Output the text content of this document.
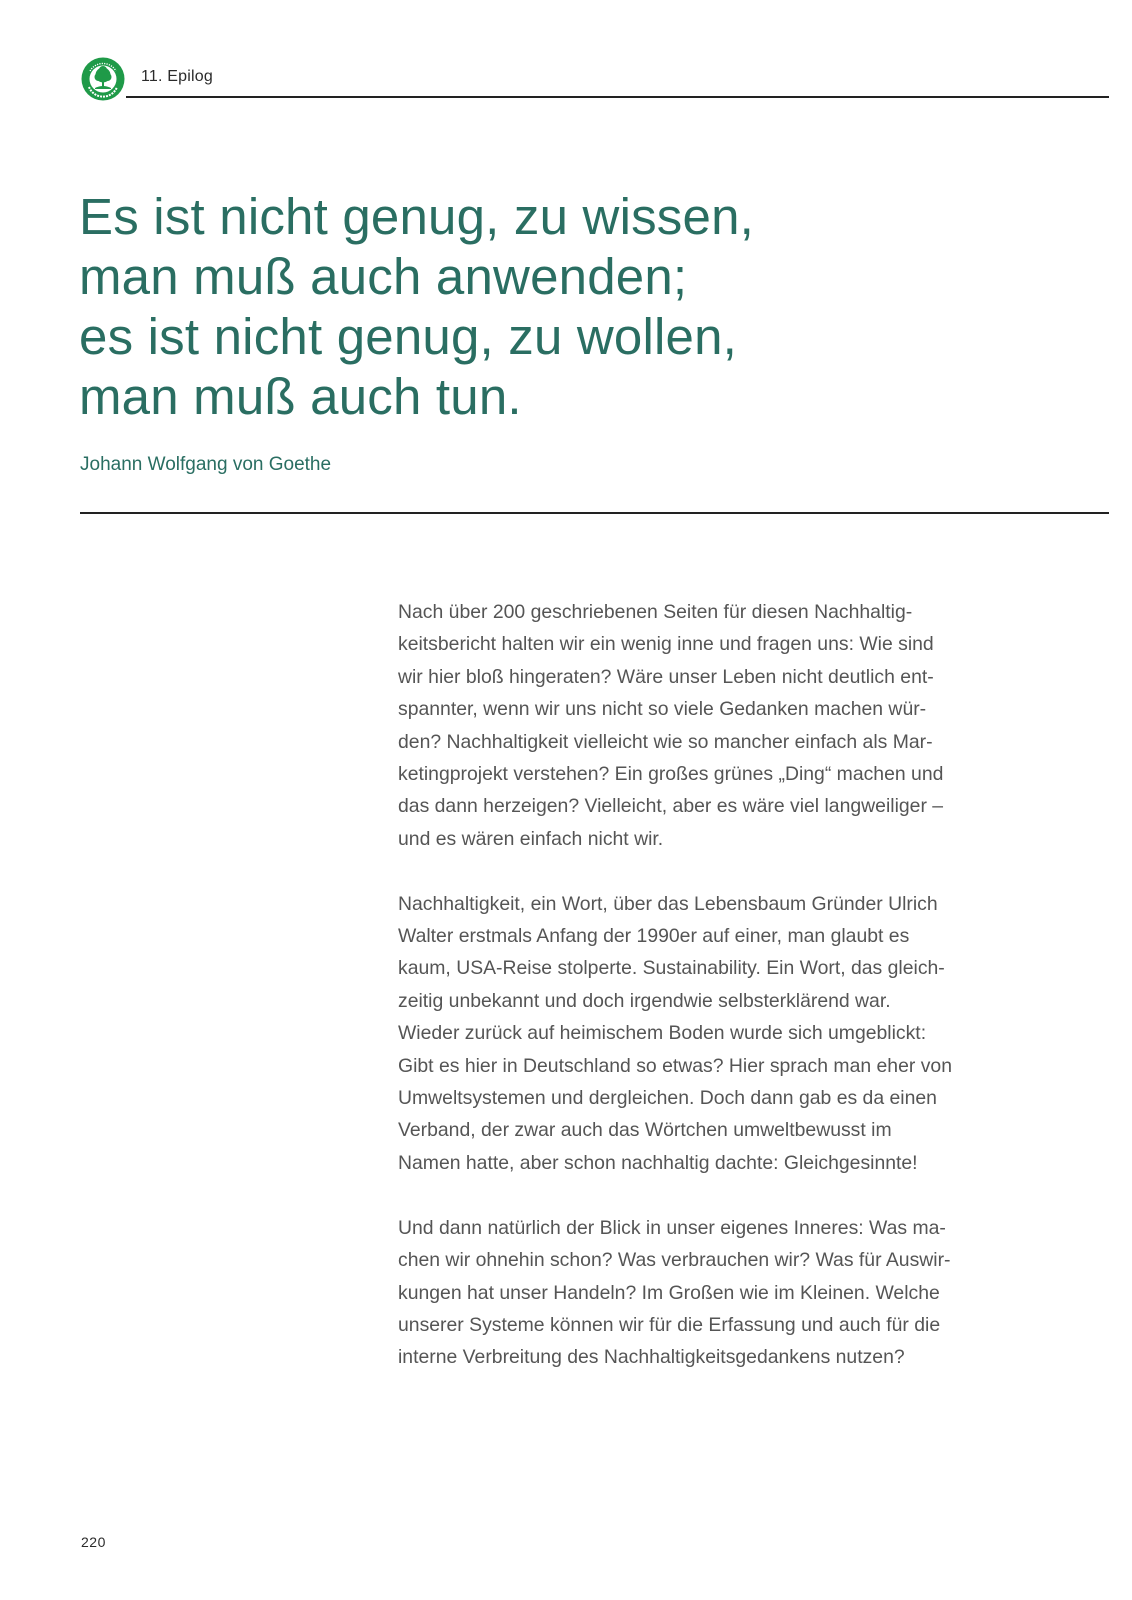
11. Epilog
Es ist nicht genug, zu wissen,
man muß auch anwenden;
es ist nicht genug, zu wollen,
man muß auch tun.
Johann Wolfgang von Goethe

Nach über 200 geschriebenen Seiten für diesen Nachhaltig-
keitsbericht halten wir ein wenig inne und fragen uns: Wie sind
wir hier bloß hingeraten? Wäre unser Leben nicht deutlich ent-
spannter, wenn wir uns nicht so viele Gedanken machen wür-
den? Nachhaltigkeit vielleicht wie so mancher einfach als Mar-
ketingprojekt verstehen? Ein großes grünes „Ding“ machen und
das dann herzeigen? Vielleicht, aber es wäre viel langweiliger –
und es wären einfach nicht wir.

Nachhaltigkeit, ein Wort, über das Lebensbaum Gründer Ulrich
Walter erstmals Anfang der 1990er auf einer, man glaubt es
kaum, USA-Reise stolperte. Sustainability. Ein Wort, das gleich-
zeitig unbekannt und doch irgendwie selbsterklärend war.
Wieder zurück auf heimischem Boden wurde sich umgeblickt:
Gibt es hier in Deutschland so etwas? Hier sprach man eher von
Umweltsystemen und dergleichen. Doch dann gab es da einen
Verband, der zwar auch das Wörtchen umweltbewusst im
Namen hatte, aber schon nachhaltig dachte: Gleichgesinnte!

Und dann natürlich der Blick in unser eigenes Inneres: Was ma-
chen wir ohnehin schon? Was verbrauchen wir? Was für Auswir-
kungen hat unser Handeln? Im Großen wie im Kleinen. Welche
unserer Systeme können wir für die Erfassung und auch für die
interne Verbreitung des Nachhaltigkeitsgedankens nutzen?

220
